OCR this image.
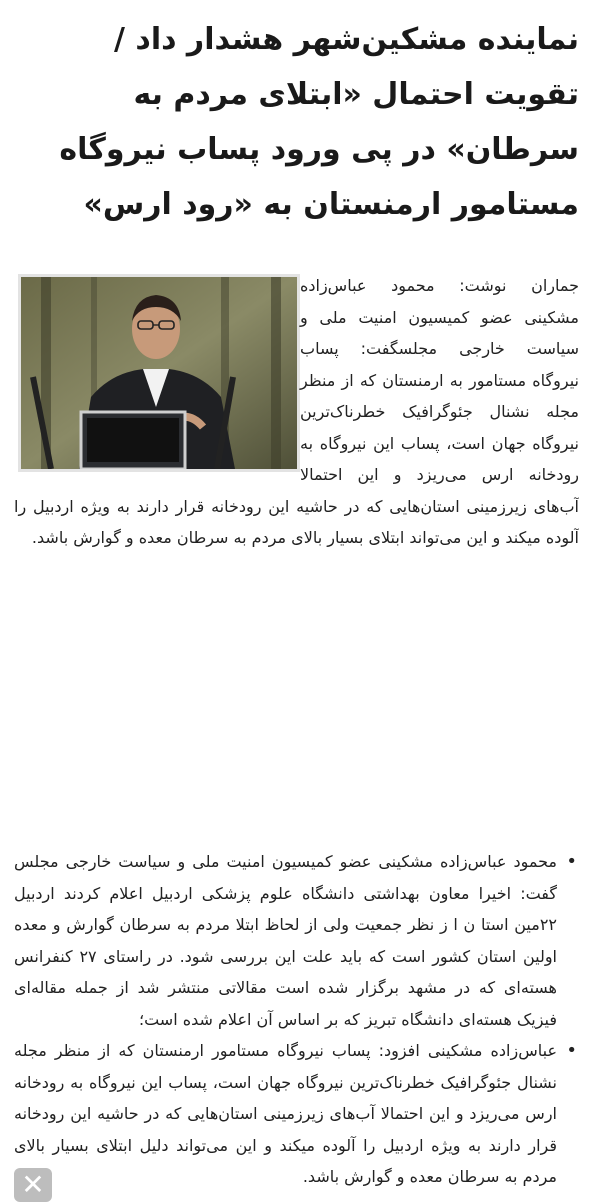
نماینده مشکین‌شهر هشدار داد / تقویت احتمال «ابتلای مردم به سرطان» در پی ورود پساب نیروگاه مستامور ارمنستان به «رود ارس»

جماران نوشت: محمود عباس‌زاده مشکینی عضو کمیسیون امنیت ملی و سیاست خارجی مجلسگفت: پساب نیروگاه مستامور به ارمنستان که از منظر مجله نشنال جئوگرافیک خطرناک‌ترین نیروگاه جهان است، پساب این نیروگاه به رودخانه ارس می‌ریزد و این احتمالا آب‌های زیرزمینی استان‌هایی که در حاشیه این رودخانه قرار دارند به ویژه اردبیل را آلوده میکند و این می‌تواند ابتلای بسیار بالای مردم به سرطان معده و گوارش باشد.

• محمود عباس‌زاده مشکینی عضو کمیسیون امنیت ملی و سیاست خارجی مجلس گفت: اخیرا معاون بهداشتی دانشگاه علوم پزشکی اردبیل اعلام کردند اردبیل ۲۲مین استا ن ا ز نظر جمعیت ولی از لحاظ ابتلا مردم به سرطان گوارش و معده اولین استان کشور است که باید علت این بررسی شود. در راستای ۲۷ کنفرانس هسته‌ای که در مشهد برگزار شده است مقالاتی منتشر شد از جمله مقاله‌ای فیزیک هسته‌ای دانشگاه تبریز که بر اساس آن اعلام شده است؛
• عباس‌زاده مشکینی افزود: پساب نیروگاه مستامور ارمنستان که از منظر مجله نشنال جئوگرافیک خطرناک‌ترین نیروگاه جهان است، پساب این نیروگاه به رودخانه ارس می‌ریزد و این احتمالا آب‌های زیرزمینی استان‌هایی که در حاشیه این رودخانه قرار دارند به ویژه اردبیل را آلوده میکند و این می‌تواند دلیل ابتلای بسیار بالای مردم به سرطان معده و گوارش باشد.
✕
